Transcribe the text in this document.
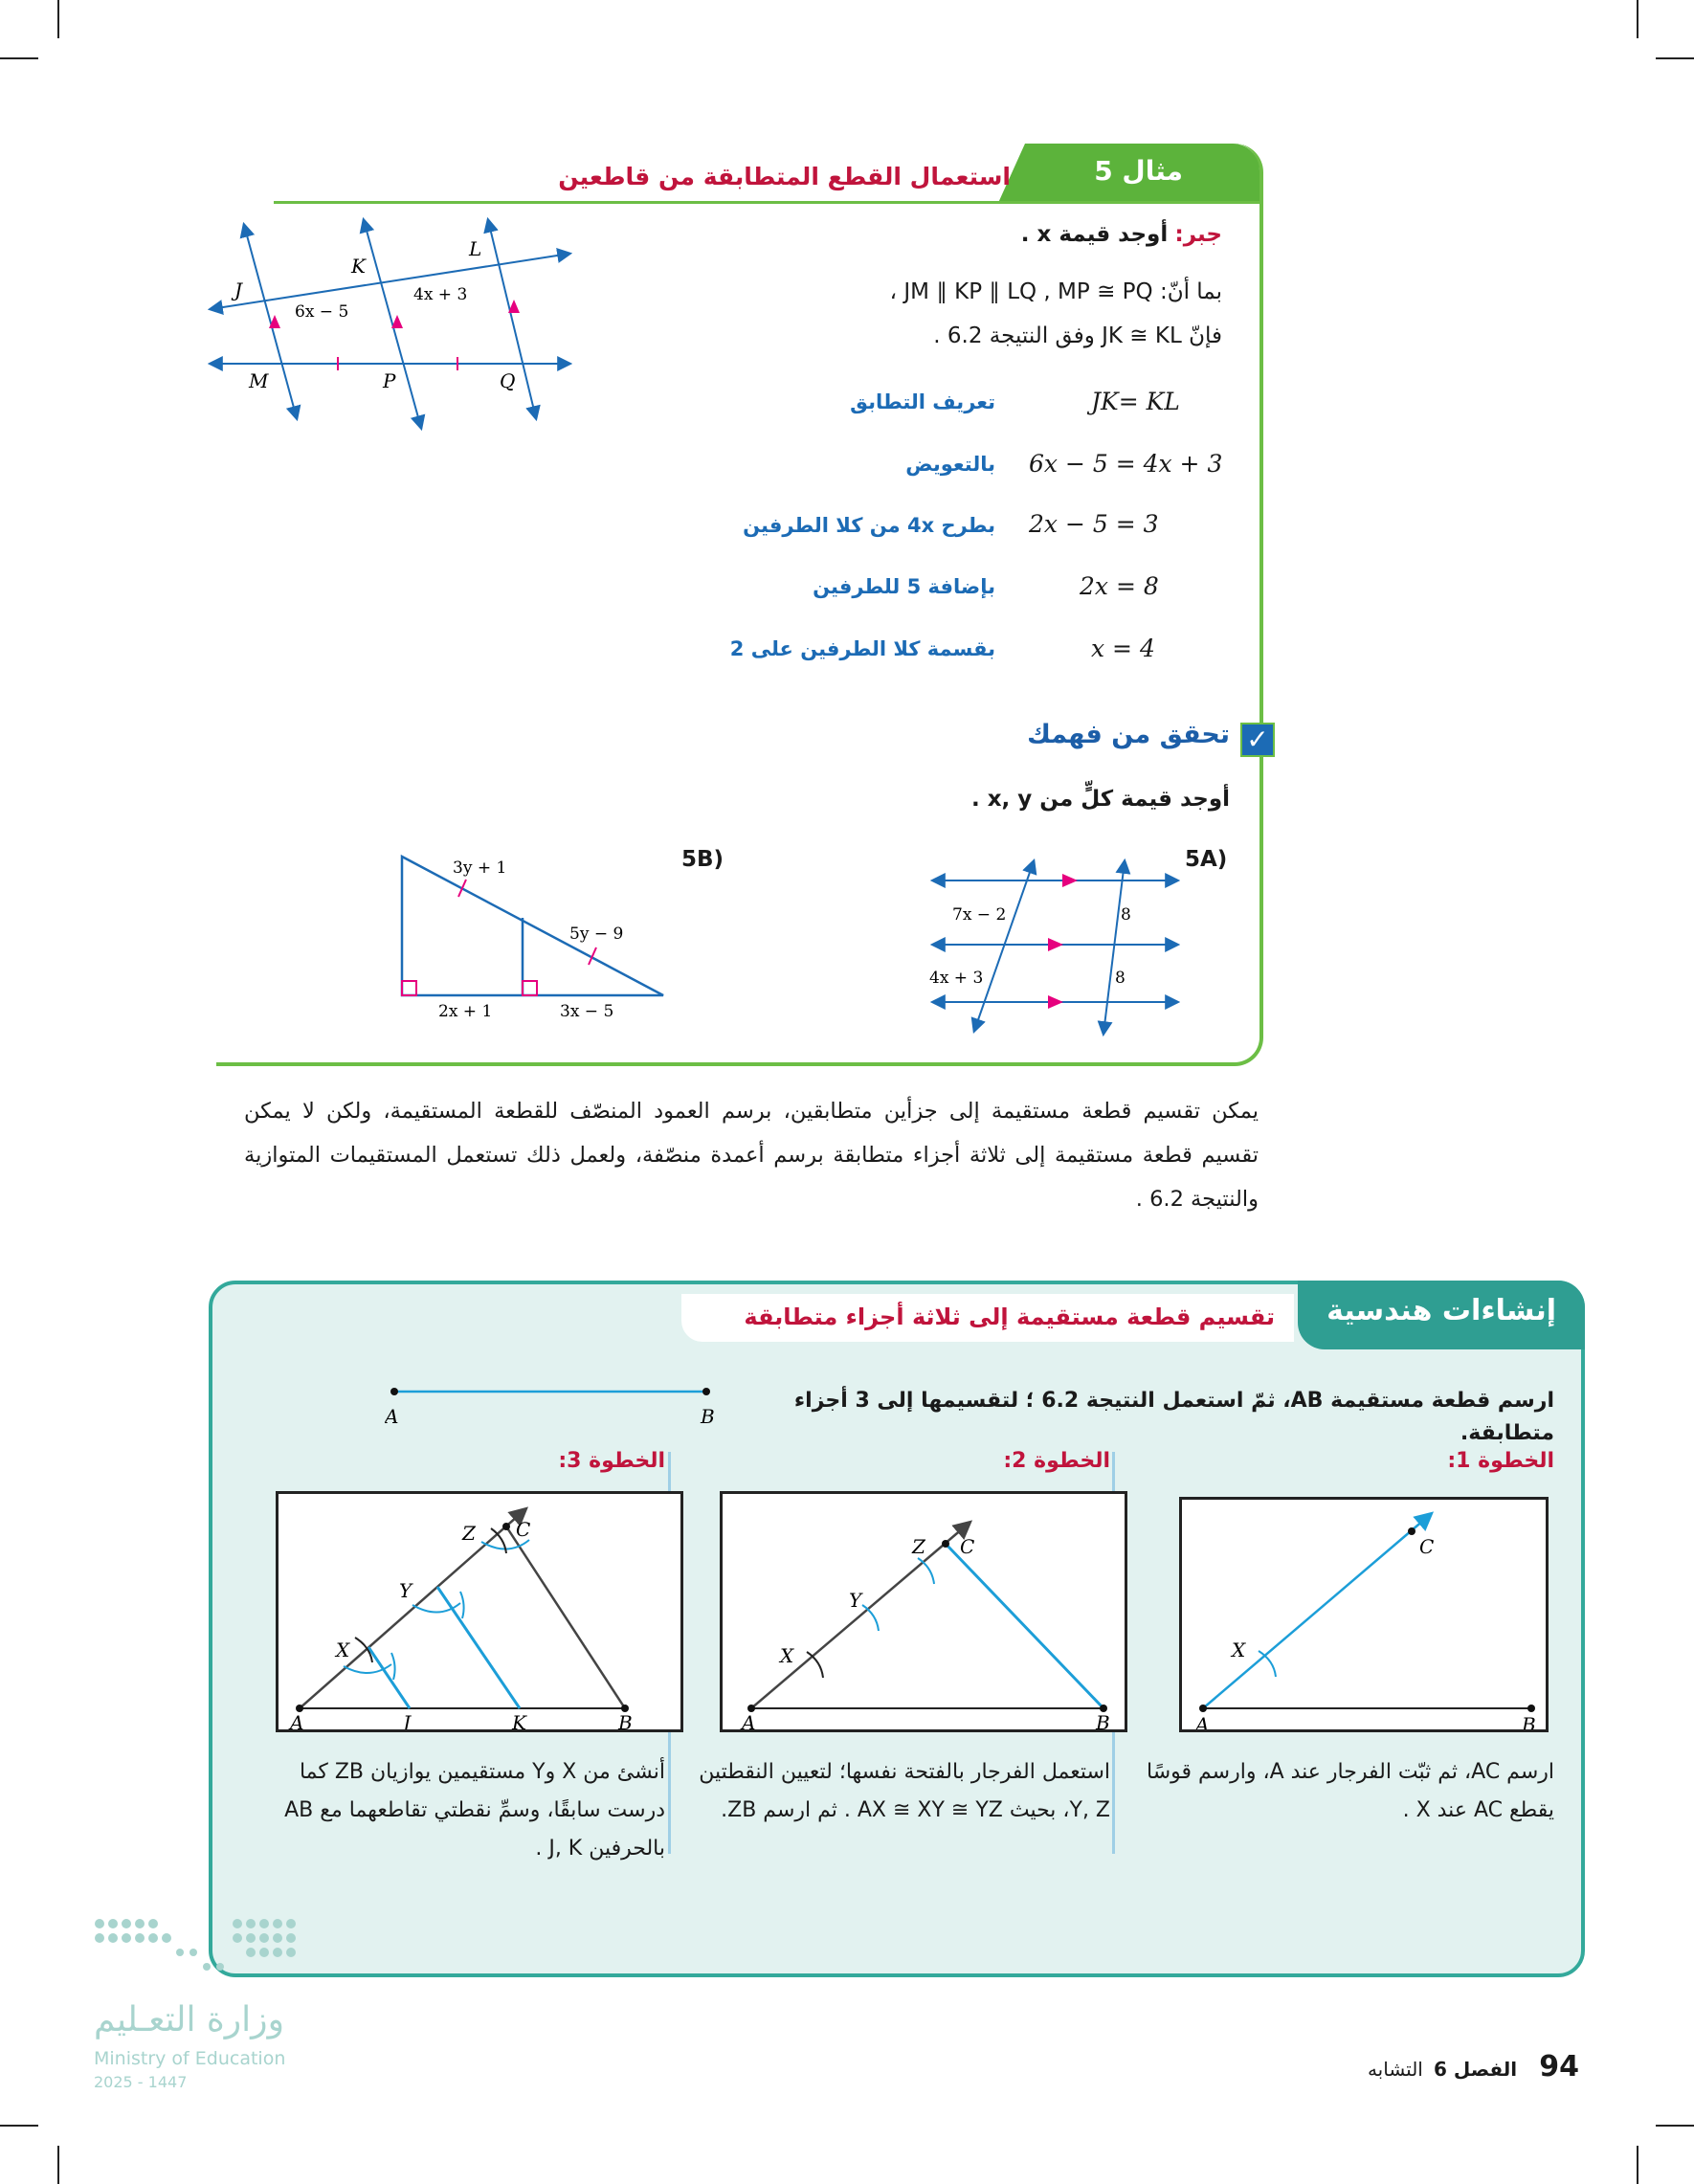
مثال 5
استعمال القطع المتطابقة من قاطعين
جبر: أوجد قيمة x .
بما أنّ: JM ∥ KP ∥ LQ , MP ≅ PQ ،
فإنّ JK ≅ KL وفق النتيجة 6.2 .
JK= KL
تعريف التطابق
6x − 5 = 4x + 3
بالتعويض
2x − 5 = 3
بطرح 4x من كلا الطرفين
2x = 8
بإضافة 5 للطرفين
x = 4
بقسمة كلا الطرفين على 2
J
K
L
M	P	Q
6x − 5
4x + 3
✓
تحقق من فهمك
أوجد قيمة كلٍّ من x, y .
5A)
5B)
7x − 2	8
4x + 3	8
3y + 1
5y − 9
2x + 1	3x − 5
يمكن تقسيم قطعة مستقيمة إلى جزأين متطابقين، برسم العمود المنصّف للقطعة المستقيمة، ولكن لا يمكن
تقسيم قطعة مستقيمة إلى ثلاثة أجزاء متطابقة برسم أعمدة منصّفة، ولعمل ذلك تستعمل المستقيمات المتوازية
والنتيجة 6.2 .
إنشاءات هندسية
تقسيم قطعة مستقيمة إلى ثلاثة أجزاء متطابقة
ارسم قطعة مستقيمة AB، ثمّ استعمل النتيجة 6.2 ؛ لتقسيمها إلى 3 أجزاء متطابقة.
A	B
الخطوة 1:
الخطوة 2:
الخطوة 3:
A	B
C
X
A	B
C
X
Y
Z
A	J	K	B
C
X
Y
Z
ارسم AC، ثم ثبّت الفرجار عند A، وارسم قوسًا يقطع AC عند X .
استعمل الفرجار بالفتحة نفسها؛ لتعيين النقطتين Y, Z، بحيث AX ≅ XY ≅ YZ . ثم ارسم ZB.
أنشئ من X وY مستقيمين يوازيان ZB كما درست سابقًا، وسمِّ نقطتي تقاطعهما مع AB بالحرفين J, K .
وزارة التعـليم
Ministry of Education
2025 - 1447	94 الفصل 6 التشابه
